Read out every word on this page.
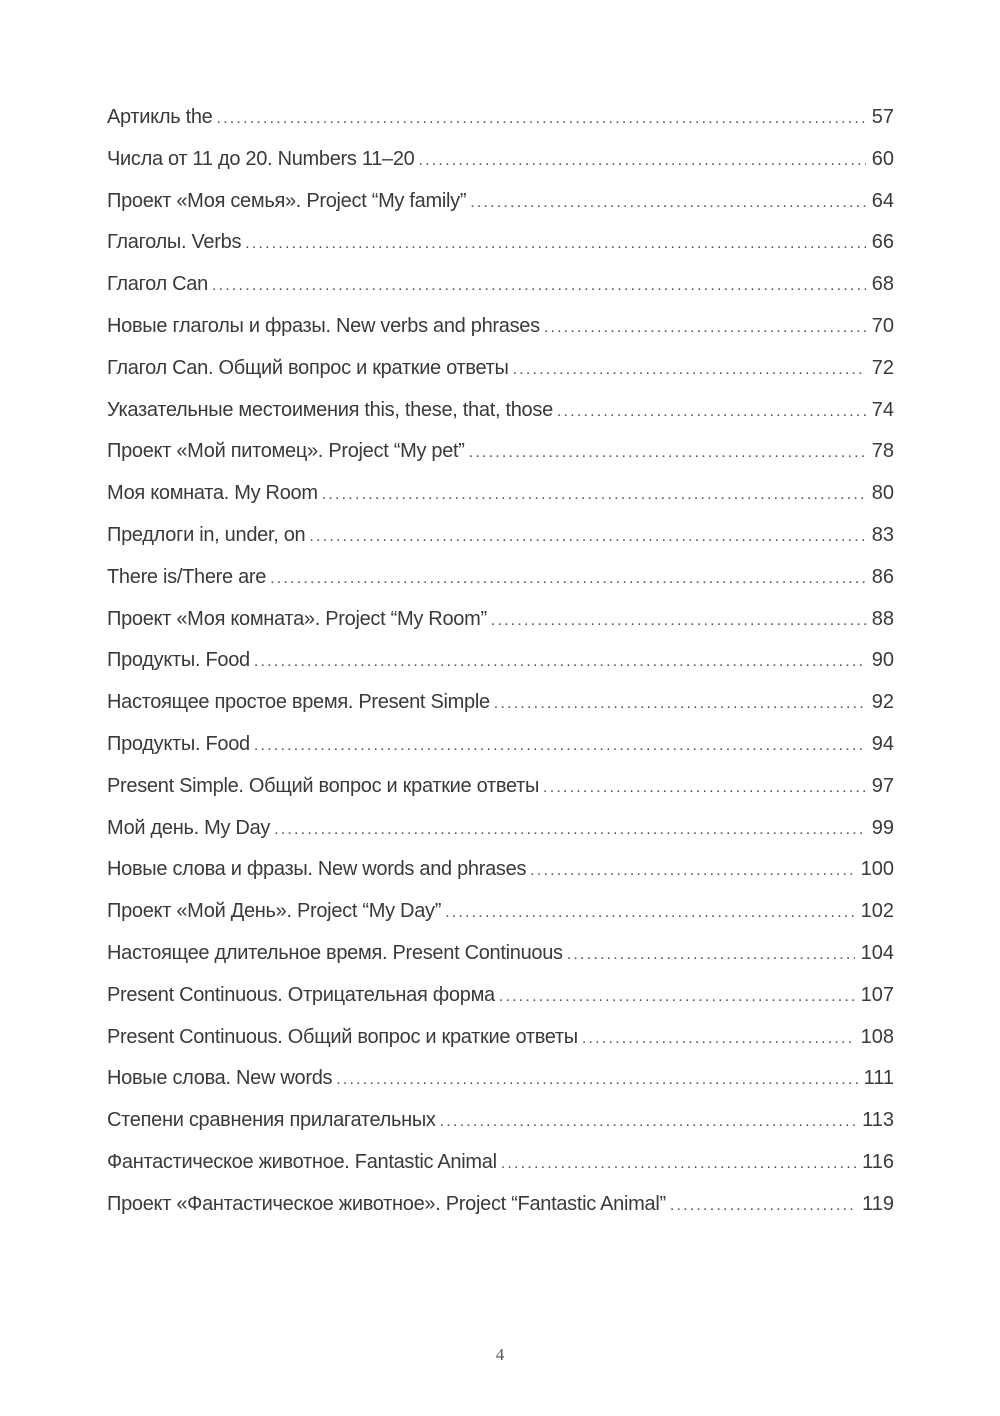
Артикль the .....	57
Числа от 11 до 20. Numbers 11–20 .....	60
Проект «Моя семья». Project “My family” .....	64
Глаголы. Verbs .....	66
Глагол Can .....	68
Новые глаголы и фразы. New verbs and phrases .....	70
Глагол Can. Общий вопрос и краткие ответы .....	72
Указательные местоимения this, these, that, those .....	74
Проект «Мой питомец». Project “My pet” .....	78
Моя комната. My Room .....	80
Предлоги in, under, on .....	83
There is/There are .....	86
Проект «Моя комната». Project “My Room” .....	88
Продукты. Food .....	90
Настоящее простое время. Present Simple .....	92
Продукты. Food .....	94
Present Simple. Общий вопрос и краткие ответы .....	97
Мой день. My Day .....	99
Новые слова и фразы. New words and phrases .....	100
Проект «Мой День». Project “My Day” .....	102
Настоящее длительное время. Present Continuous .....	104
Present Continuous. Отрицательная форма .....	107
Present Continuous. Общий вопрос и краткие ответы .....	108
Новые слова. New words .....	111
Степени сравнения прилагательных .....	113
Фантастическое животное. Fantastic Animal .....	116
Проект «Фантастическое животное». Project “Fantastic Animal” .....	119
4
